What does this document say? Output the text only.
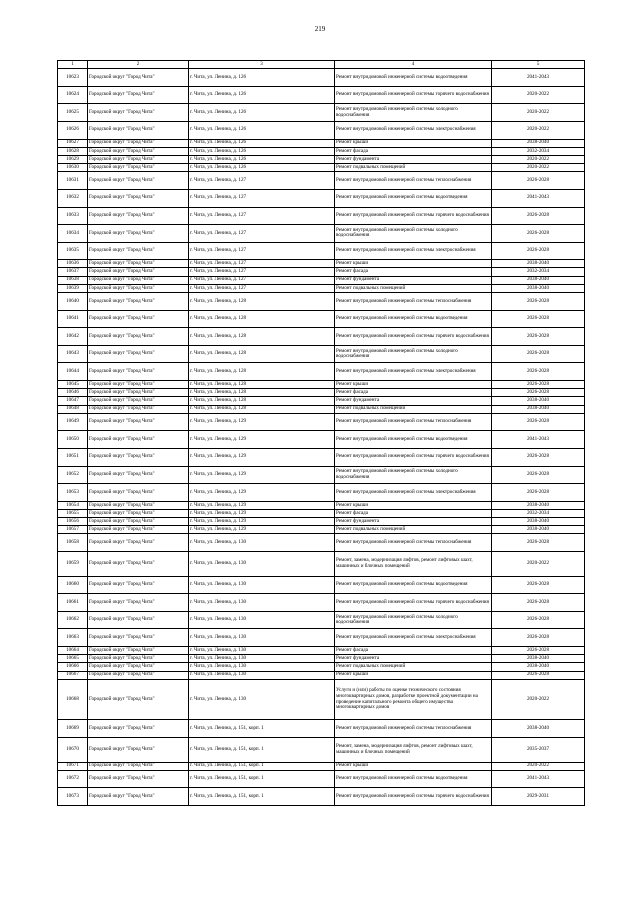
219
1	2	3	4	5
10623	Городской округ "Город Чита"	г. Чита, ул. Ленина, д. 126	Ремонт внутридомовой инженерной системы водоотведения	2041-2043
10624	Городской округ "Город Чита"	г. Чита, ул. Ленина, д. 126	Ремонт внутридомовой инженерной системы горячего водоснабжения	2020-2022
10625	Городской округ "Город Чита"	г. Чита, ул. Ленина, д. 126	Ремонт внутридомовой инженерной системы холодного водоснабжения	2020-2022
10626	Городской округ "Город Чита"	г. Чита, ул. Ленина, д. 126	Ремонт внутридомовой инженерной системы электроснабжения	2020-2022
10627	Городской округ "Город Чита"	г. Чита, ул. Ленина, д. 126	Ремонт крыши	2038-2040
10628	Городской округ "Город Чита"	г. Чита, ул. Ленина, д. 126	Ремонт фасада	2032-2034
10629	Городской округ "Город Чита"	г. Чита, ул. Ленина, д. 126	Ремонт фундамента	2020-2022
10630	Городской округ "Город Чита"	г. Чита, ул. Ленина, д. 126	Ремонт подвальных помещений	2020-2022
10631	Городской округ "Город Чита"	г. Чита, ул. Ленина, д. 127	Ремонт внутридомовой инженерной системы теплоснабжения	2026-2028
10632	Городской округ "Город Чита"	г. Чита, ул. Ленина, д. 127	Ремонт внутридомовой инженерной системы водоотведения	2041-2043
10633	Городской округ "Город Чита"	г. Чита, ул. Ленина, д. 127	Ремонт внутридомовой инженерной системы горячего водоснабжения	2026-2028
10634	Городской округ "Город Чита"	г. Чита, ул. Ленина, д. 127	Ремонт внутридомовой инженерной системы холодного водоснабжения	2026-2028
10635	Городской округ "Город Чита"	г. Чита, ул. Ленина, д. 127	Ремонт внутридомовой инженерной системы электроснабжения	2026-2028
10636	Городской округ "Город Чита"	г. Чита, ул. Ленина, д. 127	Ремонт крыши	2038-2040
10637	Городской округ "Город Чита"	г. Чита, ул. Ленина, д. 127	Ремонт фасада	2032-2034
10638	Городской округ "Город Чита"	г. Чита, ул. Ленина, д. 127	Ремонт фундамента	2038-2040
10639	Городской округ "Город Чита"	г. Чита, ул. Ленина, д. 127	Ремонт подвальных помещений	2038-2040
10640	Городской округ "Город Чита"	г. Чита, ул. Ленина, д. 128	Ремонт внутридомовой инженерной системы теплоснабжения	2026-2028
10641	Городской округ "Город Чита"	г. Чита, ул. Ленина, д. 128	Ремонт внутридомовой инженерной системы водоотведения	2026-2028
10642	Городской округ "Город Чита"	г. Чита, ул. Ленина, д. 128	Ремонт внутридомовой инженерной системы горячего водоснабжения	2026-2028
10643	Городской округ "Город Чита"	г. Чита, ул. Ленина, д. 128	Ремонт внутридомовой инженерной системы холодного водоснабжения	2026-2028
10644	Городской округ "Город Чита"	г. Чита, ул. Ленина, д. 128	Ремонт внутридомовой инженерной системы электроснабжения	2026-2028
10645	Городской округ "Город Чита"	г. Чита, ул. Ленина, д. 128	Ремонт крыши	2026-2028
10646	Городской округ "Город Чита"	г. Чита, ул. Ленина, д. 128	Ремонт фасада	2026-2028
10647	Городской округ "Город Чита"	г. Чита, ул. Ленина, д. 128	Ремонт фундамента	2038-2040
10648	Городской округ "Город Чита"	г. Чита, ул. Ленина, д. 128	Ремонт подвальных помещений	2038-2040
10649	Городской округ "Город Чита"	г. Чита, ул. Ленина, д. 129	Ремонт внутридомовой инженерной системы теплоснабжения	2026-2028
10650	Городской округ "Город Чита"	г. Чита, ул. Ленина, д. 129	Ремонт внутридомовой инженерной системы водоотведения	2041-2043
10651	Городской округ "Город Чита"	г. Чита, ул. Ленина, д. 129	Ремонт внутридомовой инженерной системы горячего водоснабжения	2026-2028
10652	Городской округ "Город Чита"	г. Чита, ул. Ленина, д. 129	Ремонт внутридомовой инженерной системы холодного водоснабжения	2026-2028
10653	Городской округ "Город Чита"	г. Чита, ул. Ленина, д. 129	Ремонт внутридомовой инженерной системы электроснабжения	2026-2028
10654	Городской округ "Город Чита"	г. Чита, ул. Ленина, д. 129	Ремонт крыши	2038-2040
10655	Городской округ "Город Чита"	г. Чита, ул. Ленина, д. 129	Ремонт фасада	2032-2034
10656	Городской округ "Город Чита"	г. Чита, ул. Ленина, д. 129	Ремонт фундамента	2038-2040
10657	Городской округ "Город Чита"	г. Чита, ул. Ленина, д. 129	Ремонт подвальных помещений	2038-2040
10658	Городской округ "Город Чита"	г. Чита, ул. Ленина, д. 130	Ремонт внутридомовой инженерной системы теплоснабжения	2026-2028
10659	Городской округ "Город Чита"	г. Чита, ул. Ленина, д. 130	Ремонт, замена, модернизация лифтов, ремонт лифтовых шахт, машинных и блочных помещений	2020-2022
10660	Городской округ "Город Чита"	г. Чита, ул. Ленина, д. 130	Ремонт внутридомовой инженерной системы водоотведения	2026-2028
10661	Городской округ "Город Чита"	г. Чита, ул. Ленина, д. 130	Ремонт внутридомовой инженерной системы горячего водоснабжения	2026-2028
10662	Городской округ "Город Чита"	г. Чита, ул. Ленина, д. 130	Ремонт внутридомовой инженерной системы холодного водоснабжения	2026-2028
10663	Городской округ "Город Чита"	г. Чита, ул. Ленина, д. 130	Ремонт внутридомовой инженерной системы электроснабжения	2026-2028
10664	Городской округ "Город Чита"	г. Чита, ул. Ленина, д. 130	Ремонт фасада	2026-2028
10665	Городской округ "Город Чита"	г. Чита, ул. Ленина, д. 130	Ремонт фундамента	2038-2040
10666	Городской округ "Город Чита"	г. Чита, ул. Ленина, д. 130	Ремонт подвальных помещений	2038-2040
10667	Городской округ "Город Чита"	г. Чита, ул. Ленина, д. 130	Ремонт крыши	2026-2028
10668	Городской округ "Город Чита"	г. Чита, ул. Ленина, д. 130	Услуги и (или) работы по оценке технического состояния многоквартирных домов, разработке проектной документации на проведение капитального ремонта общего имущества многоквартирных домов	2020-2022
10669	Городской округ "Город Чита"	г. Чита, ул. Ленина, д. 151, корп. 1	Ремонт внутридомовой инженерной системы теплоснабжения	2038-2040
10670	Городской округ "Город Чита"	г. Чита, ул. Ленина, д. 151, корп. 1	Ремонт, замена, модернизация лифтов, ремонт лифтовых шахт, машинных и блочных помещений	2035-2037
10671	Городской округ "Город Чита"	г. Чита, ул. Ленина, д. 151, корп. 1	Ремонт крыши	2020-2022
10672	Городской округ "Город Чита"	г. Чита, ул. Ленина, д. 151, корп. 1	Ремонт внутридомовой инженерной системы водоотведения	2041-2043
10673	Городской округ "Город Чита"	г. Чита, ул. Ленина, д. 151, корп. 1	Ремонт внутридомовой инженерной системы горячего водоснабжения	2029-2031
